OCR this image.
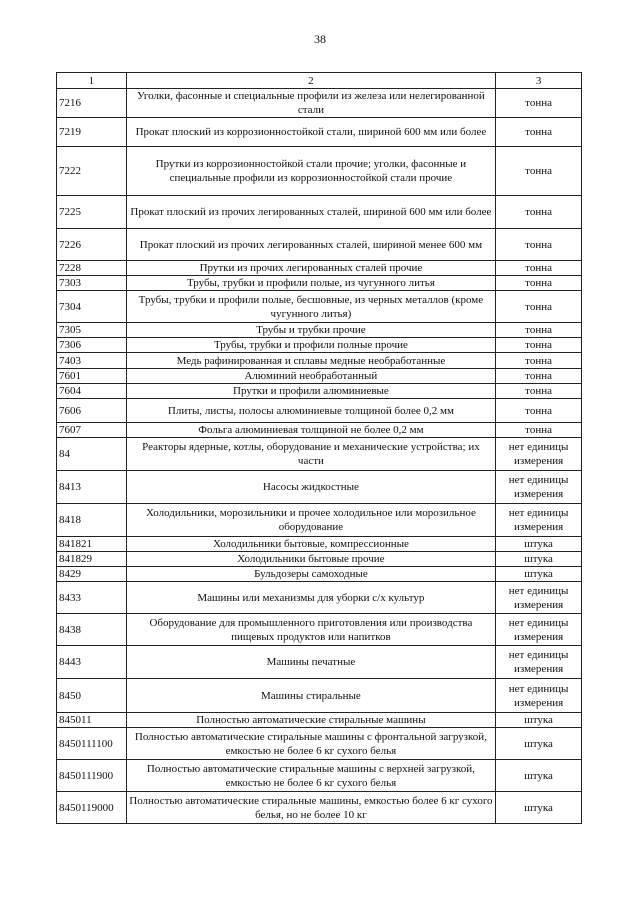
38
1	2	3
7216	Уголки, фасонные и специальные профили из железа или нелегированной стали	тонна
7219	Прокат плоский из коррозионностойкой стали, шириной 600 мм или более	тонна
7222	Прутки из коррозионностойкой стали прочие; уголки, фасонные и специальные профили из коррозионностойкой стали прочие	тонна
7225	Прокат плоский из прочих легированных сталей, шириной 600 мм или более	тонна
7226	Прокат плоский из прочих легированных сталей, шириной менее 600 мм	тонна
7228	Прутки из прочих легированных сталей прочие	тонна
7303	Трубы, трубки и профили полые, из чугунного литья	тонна
7304	Трубы, трубки и профили полые, бесшовные, из черных металлов (кроме чугунного литья)	тонна
7305	Трубы и трубки прочие	тонна
7306	Трубы, трубки и профили полные прочие	тонна
7403	Медь рафинированная и сплавы медные необработанные	тонна
7601	Алюминий необработанный	тонна
7604	Прутки и профили алюминиевые	тонна
7606	Плиты, листы, полосы алюминиевые толщиной более 0,2 мм	тонна
7607	Фольга алюминиевая толщиной не более 0,2 мм	тонна
84	Реакторы ядерные, котлы, оборудование и механические устройства; их части	нет единицы измерения
8413	Насосы жидкостные	нет единицы измерения
8418	Холодильники, морозильники и прочее холодильное или морозильное оборудование	нет единицы измерения
841821	Холодильники бытовые, компрессионные	штука
841829	Холодильники бытовые прочие	штука
8429	Бульдозеры самоходные	штука
8433	Машины или механизмы для уборки с/х культур	нет единицы измерения
8438	Оборудование для промышленного приготовления или производства пищевых продуктов или напитков	нет единицы измерения
8443	Машины печатные	нет единицы измерения
8450	Машины стиральные	нет единицы измерения
845011	Полностью автоматические стиральные машины	штука
8450111100	Полностью автоматические стиральные машины с фронтальной загрузкой, емкостью не более 6 кг сухого белья	штука
8450111900	Полностью автоматические стиральные машины с верхней загрузкой, емкостью не более 6 кг сухого белья	штука
8450119000	Полностью автоматические стиральные машины, емкостью более 6 кг сухого белья, но не более 10 кг	штука
